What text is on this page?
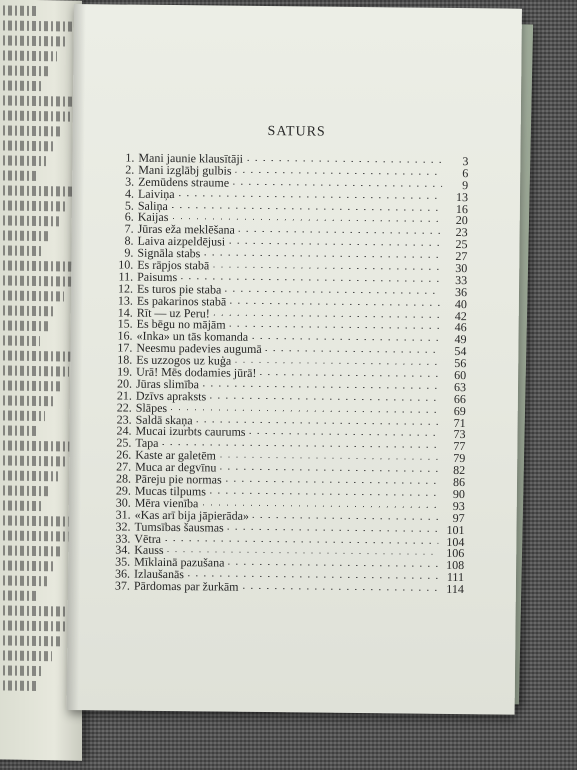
SATURS
1. Mani jaunie klausītāji	3
2. Mani izglābj gulbis	6
3. Zemūdens straume	9
4. Laiviņa	13
5. Saliņa	16
6. Kaijas	20
7. Jūras eža meklēšana	23
8. Laiva aizpeldējusi	25
9. Signāla stabs	27
10. Es rāpjos stabā	30
11. Paisums	33
12. Es turos pie staba	36
13. Es pakarinos stabā	40
14. Rīt — uz Peru!	42
15. Es bēgu no mājām	46
16. «Inka» un tās komanda	49
17. Neesmu padevies augumā	54
18. Es uzzogos uz kuģa	56
19. Urā! Mēs dodamies jūrā!	60
20. Jūras slimība	63
21. Dzīvs apraksts	66
22. Slāpes	69
23. Saldā skaņa	71
24. Mucai izurbts caurums	73
25. Tapa	77
26. Kaste ar galetēm	79
27. Muca ar degvīnu	82
28. Pāreju pie normas	86
29. Mucas tilpums	90
30. Mēra vienība	93
31. «Kas arī bija jāpierāda»	97
32. Tumsības šausmas	101
33. Vētra	104
34. Kauss	106
35. Mīklainā pazušana	108
36. Izlaušanās	111
37. Pārdomas par žurkām	114
